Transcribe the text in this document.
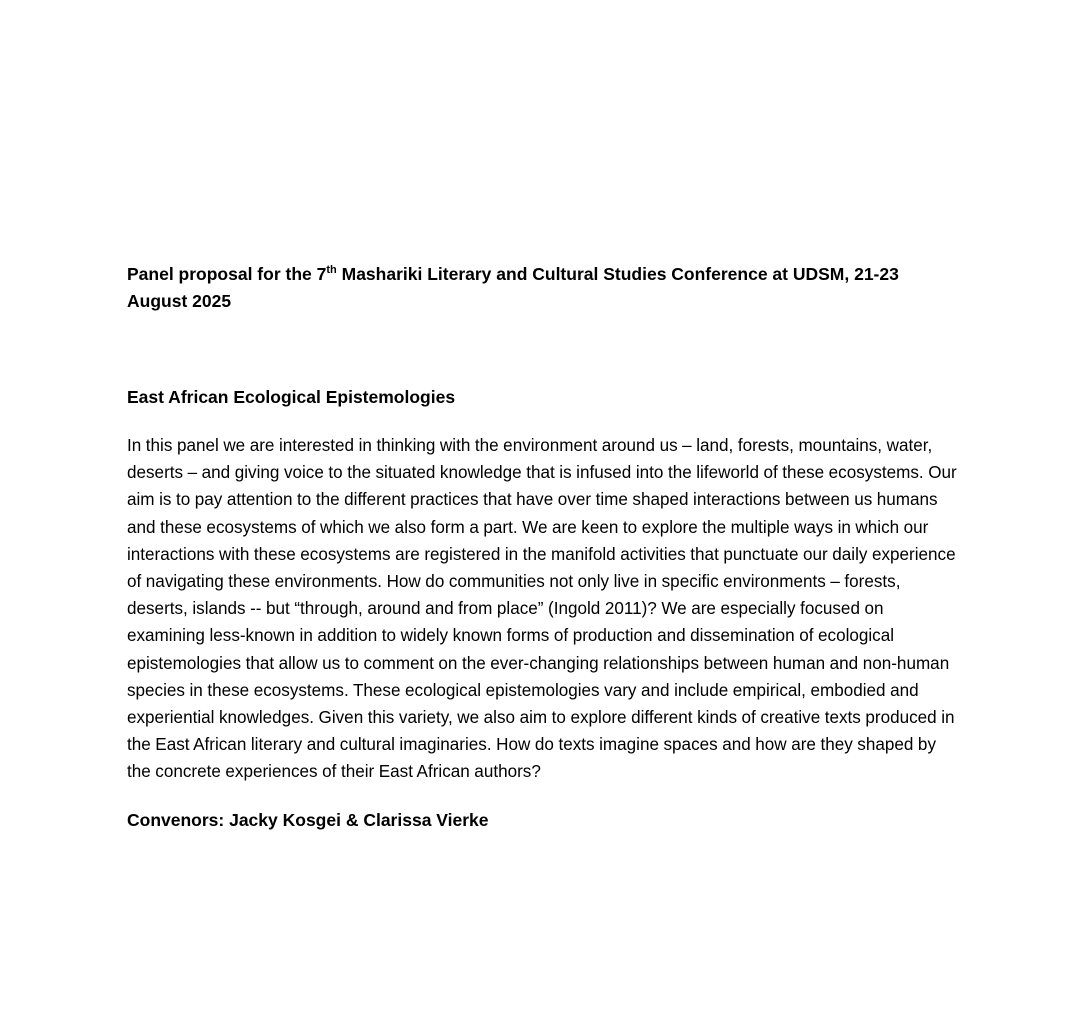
Panel proposal for the 7th Mashariki Literary and Cultural Studies Conference at UDSM, 21-23 August 2025

East African Ecological Epistemologies

In this panel we are interested in thinking with the environment around us – land, forests, mountains, water, deserts – and giving voice to the situated knowledge that is infused into the lifeworld of these ecosystems. Our aim is to pay attention to the different practices that have over time shaped interactions between us humans and these ecosystems of which we also form a part. We are keen to explore the multiple ways in which our interactions with these ecosystems are registered in the manifold activities that punctuate our daily experience of navigating these environments. How do communities not only live in specific environments – forests, deserts, islands -- but “through, around and from place” (Ingold 2011)? We are especially focused on examining less-known in addition to widely known forms of production and dissemination of ecological epistemologies that allow us to comment on the ever-changing relationships between human and non-human species in these ecosystems. These ecological epistemologies vary and include empirical, embodied and experiential knowledges. Given this variety, we also aim to explore different kinds of creative texts produced in the East African literary and cultural imaginaries. How do texts imagine spaces and how are they shaped by the concrete experiences of their East African authors?

Convenors: Jacky Kosgei & Clarissa Vierke
